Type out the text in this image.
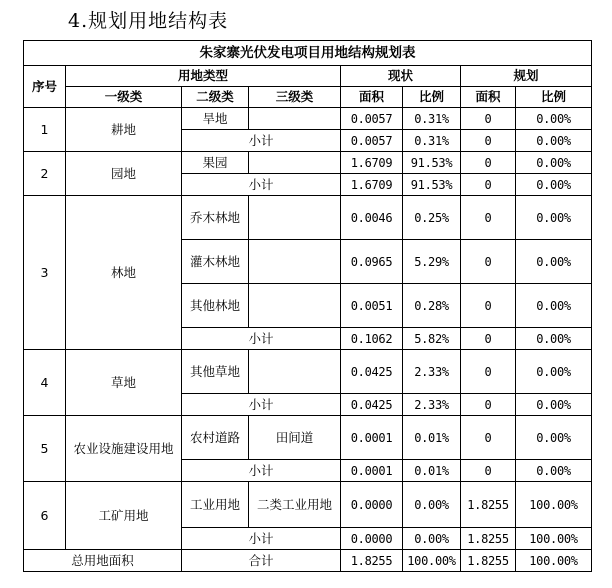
4.规划用地结构表
朱家寨光伏发电项目用地结构规划表							
序号	用地类型			现状		规划	
	一级类	二级类	三级类	面积	比例	面积	比例
1	耕地	旱地		0.0057	0.31%	0	0.00%
		小计		0.0057	0.31%	0	0.00%
2	园地	果园		1.6709	91.53%	0	0.00%
		小计		1.6709	91.53%	0	0.00%
3	林地	乔木林地		0.0046	0.25%	0	0.00%
		灌木林地		0.0965	5.29%	0	0.00%
		其他林地		0.0051	0.28%	0	0.00%
		小计		0.1062	5.82%	0	0.00%
4	草地	其他草地		0.0425	2.33%	0	0.00%
		小计		0.0425	2.33%	0	0.00%
5	农业设施建设用地	农村道路	田间道	0.0001	0.01%	0	0.00%
		小计		0.0001	0.01%	0	0.00%
6	工矿用地	工业用地	二类工业用地	0.0000	0.00%	1.8255	100.00%
		小计		0.0000	0.00%	1.8255	100.00%
总用地面积		合计		1.8255	100.00%	1.8255	100.00%
